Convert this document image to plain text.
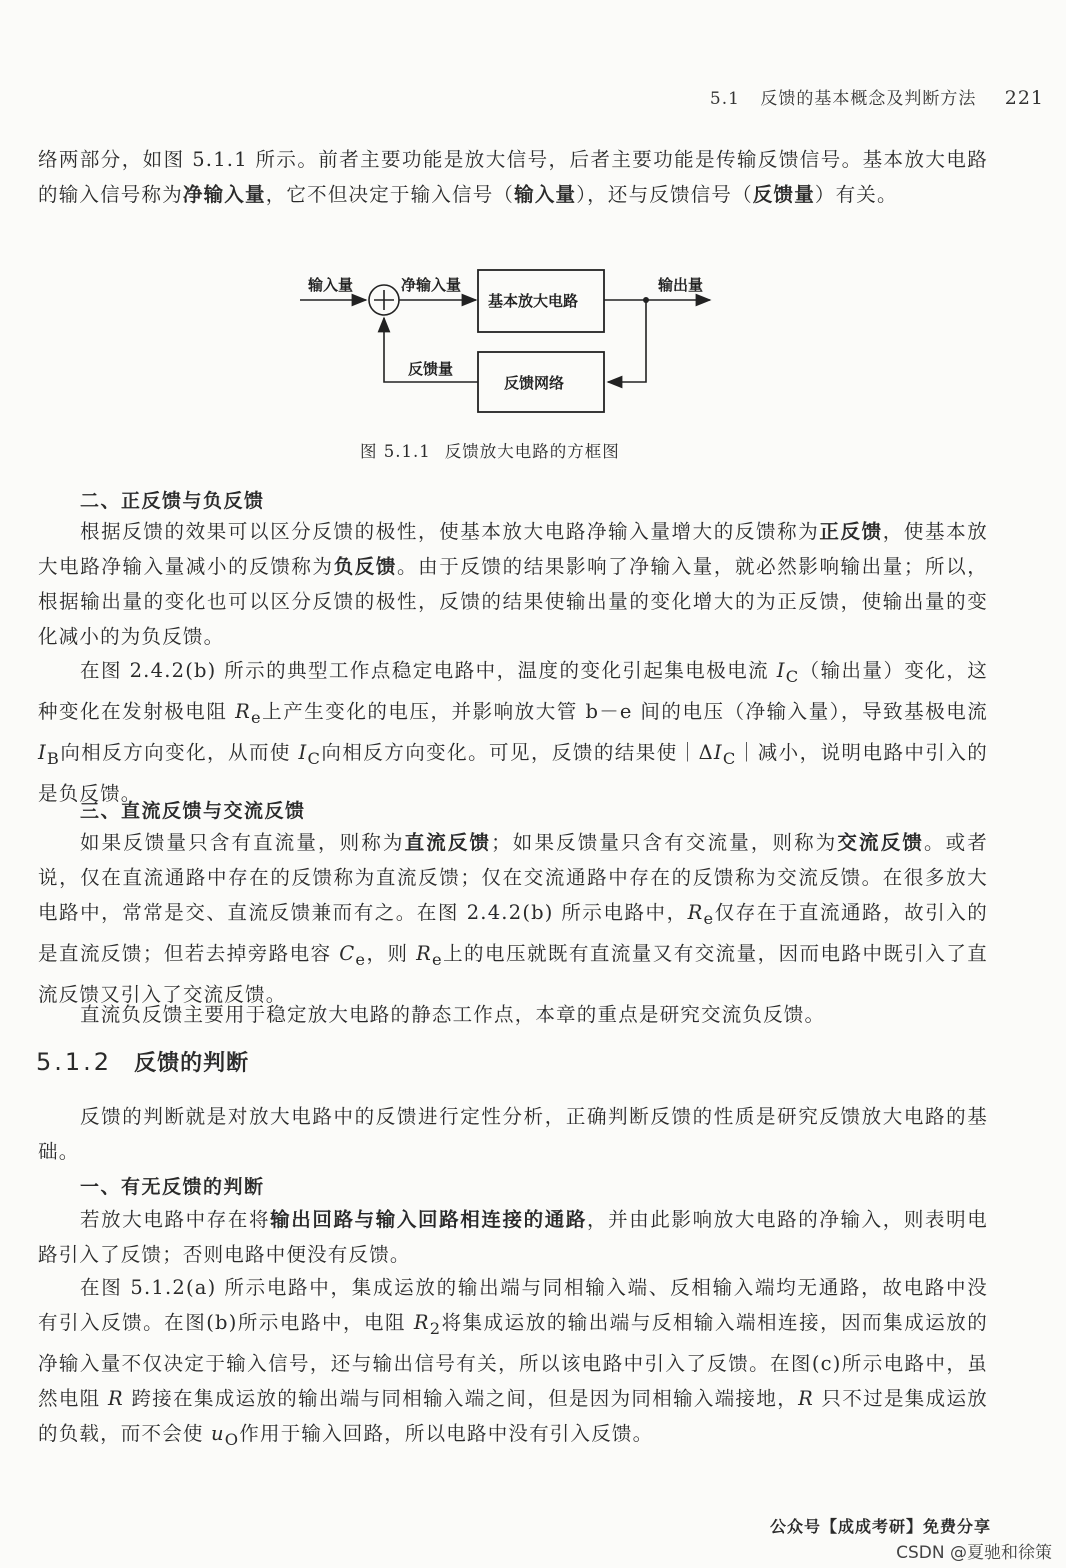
5.1 反馈的基本概念及判断方法 221

络两部分，如图 5.1.1 所示。前者主要功能是放大信号，后者主要功能是传输反馈信号。基本放大电路的输入信号称为净输入量，它不但决定于输入信号（输入量），还与反馈信号（反馈量）有关。

输入量	净输入量
基本放大电路
输出量
反馈网络
反馈量
图 5.1.1 反馈放大电路的方框图
二、正反馈与负反馈

根据反馈的效果可以区分反馈的极性，使基本放大电路净输入量增大的反馈称为正反馈，使基本放大电路净输入量减小的反馈称为负反馈。由于反馈的结果影响了净输入量，就必然影响输出量；所以，根据输出量的变化也可以区分反馈的极性，反馈的结果使输出量的变化增大的为正反馈，使输出量的变化减小的为负反馈。

在图 2.4.2(b) 所示的典型工作点稳定电路中，温度的变化引起集电极电流 $I_C$（输出量）变化，这种变化在发射极电阻 $R_e$上产生变化的电压，并影响放大管 b－e 间的电压（净输入量），导致基极电流 $I_B$向相反方向变化，从而使 $I_C$向相反方向变化。可见，反馈的结果使$|\Delta I_C|$减小，说明电路中引入的是负反馈。

三、直流反馈与交流反馈

如果反馈量只含有直流量，则称为直流反馈；如果反馈量只含有交流量，则称为交流反馈。或者说，仅在直流通路中存在的反馈称为直流反馈；仅在交流通路中存在的反馈称为交流反馈。在很多放大电路中，常常是交、直流反馈兼而有之。在图 2.4.2(b) 所示电路中，$R_e$仅存在于直流通路，故引入的是直流反馈；但若去掉旁路电容 $C_e$，则 $R_e$上的电压就既有直流量又有交流量，因而电路中既引入了直流反馈又引入了交流反馈。

直流负反馈主要用于稳定放大电路的静态工作点，本章的重点是研究交流负反馈。

5.1.2 反馈的判断

反馈的判断就是对放大电路中的反馈进行定性分析，正确判断反馈的性质是研究反馈放大电路的基础。

一、有无反馈的判断

若放大电路中存在将输出回路与输入回路相连接的通路，并由此影响放大电路的净输入，则表明电路引入了反馈；否则电路中便没有反馈。

在图 5.1.2(a) 所示电路中，集成运放的输出端与同相输入端、反相输入端均无通路，故电路中没有引入反馈。在图(b)所示电路中，电阻 $R_2$将集成运放的输出端与反相输入端相连接，因而集成运放的净输入量不仅决定于输入信号，还与输出信号有关，所以该电路中引入了反馈。在图(c)所示电路中，虽然电阻 R 跨接在集成运放的输出端与同相输入端之间，但是因为同相输入端接地，R 只不过是集成运放的负载，而不会使 $u_O$作用于输入回路，所以电路中没有引入反馈。

公众号【成成考研】免费分享
CSDN @夏驰和徐策
